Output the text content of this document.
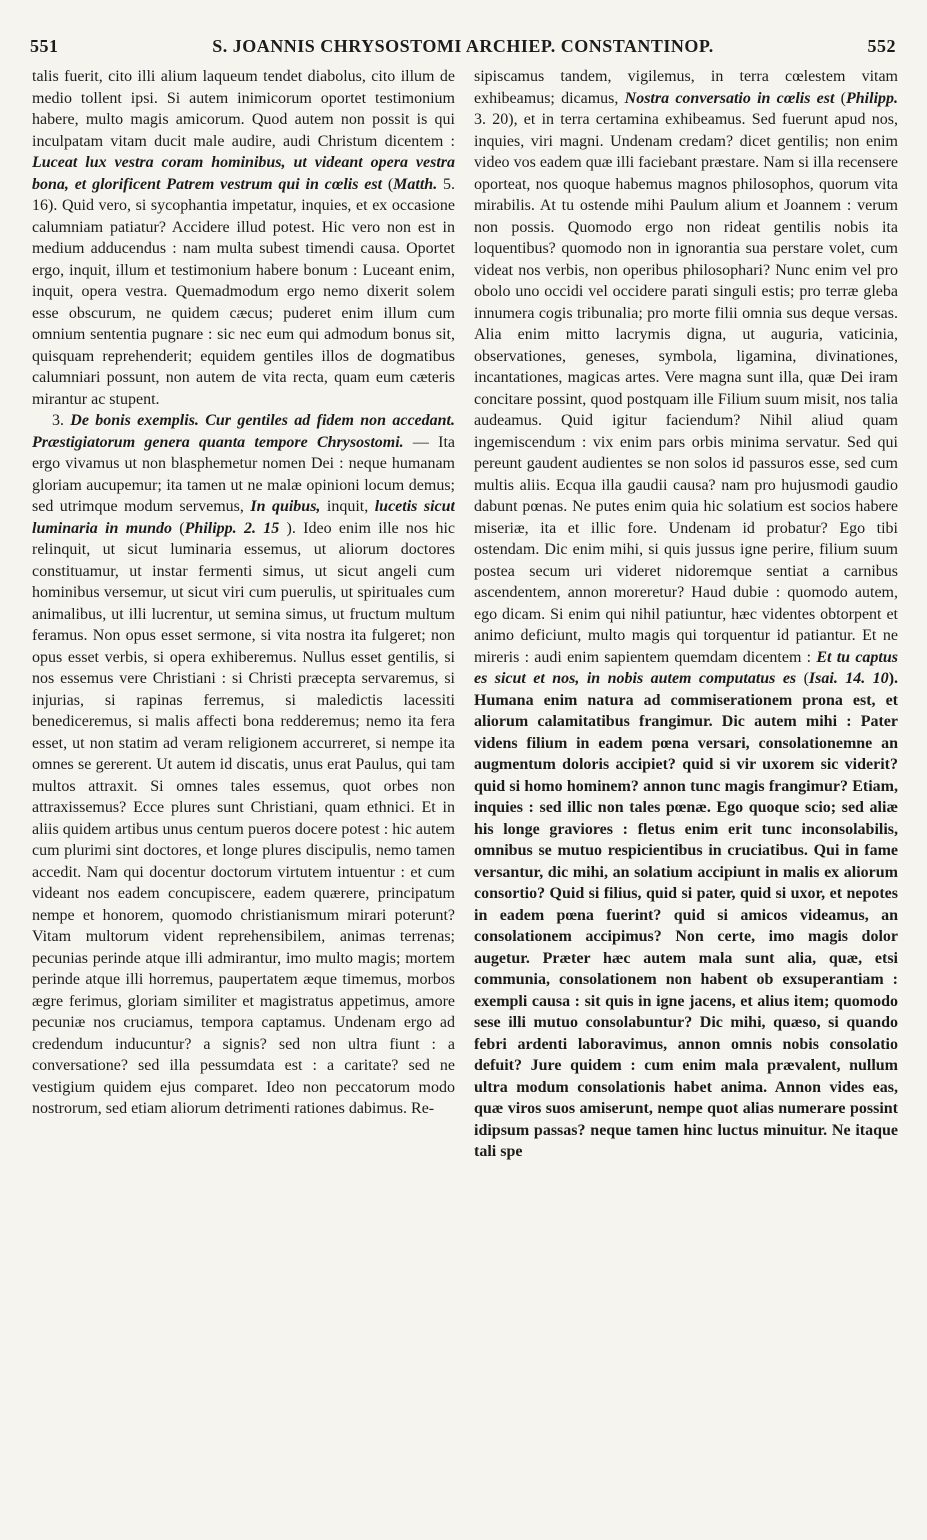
551	S. JOANNIS CHRYSOSTOMI ARCHIEP. CONSTANTINOP.	552

talis fuerit, cito illi alium laqueum tendet diabolus, cito illum de medio tollent ipsi. Si autem inimicorum oportet testimonium habere, multo magis amicorum. Quod autem non possit is qui inculpatam vitam ducit male audire, audi Christum dicentem : Luceat lux vestra coram hominibus, ut videant opera vestra bona, et glorificent Patrem vestrum qui in cœlis est (Matth. 5. 16). Quid vero, si sycophantia impetatur, inquies, et ex occasione calumniam patiatur? Accidere illud potest. Hic vero non est in medium adducendus : nam multa subest timendi causa. Oportet ergo, inquit, illum et testimonium habere bonum : Luceant enim, inquit, opera vestra. Quemadmodum ergo nemo dixerit solem esse obscurum, ne quidem cæcus; puderet enim illum cum omnium sententia pugnare : sic nec eum qui admodum bonus sit, quisquam reprehenderit; equidem gentiles illos de dogmatibus calumniari possunt, non autem de vita recta, quam eum cæteris mirantur ac stupent.

3. De bonis exemplis. Cur gentiles ad fidem non accedant. Præstigiatorum genera quanta tempore Chrysostomi. — Ita ergo vivamus ut non blasphemetur nomen Dei : neque humanam gloriam aucupemur; ita tamen ut ne malæ opinioni locum demus; sed utrimque modum servemus, In quibus, inquit, lucetis sicut luminaria in mundo (Philipp. 2. 15 ). Ideo enim ille nos hic relinquit, ut sicut luminaria essemus, ut aliorum doctores constituamur, ut instar fermenti simus, ut sicut angeli cum hominibus versemur, ut sicut viri cum puerulis, ut spirituales cum animalibus, ut illi lucrentur, ut semina simus, ut fructum multum feramus. Non opus esset sermone, si vita nostra ita fulgeret; non opus esset verbis, si opera exhiberemus. Nullus esset gentilis, si nos essemus vere Christiani : si Christi præcepta servaremus, si injurias, si rapinas ferremus, si maledictis lacessiti benediceremus, si malis affecti bona redderemus; nemo ita fera esset, ut non statim ad veram religionem accurreret, si nempe ita omnes se gererent. Ut autem id discatis, unus erat Paulus, qui tam multos attraxit. Si omnes tales essemus, quot orbes non attraxissemus? Ecce plures sunt Christiani, quam ethnici. Et in aliis quidem artibus unus centum pueros docere potest : hic autem cum plurimi sint doctores, et longe plures discipulis, nemo tamen accedit. Nam qui docentur doctorum virtutem intuentur : et cum videant nos eadem concupiscere, eadem quærere, principatum nempe et honorem, quomodo christianismum mirari poterunt? Vitam multorum vident reprehensibilem, animas terrenas; pecunias perinde atque illi admirantur, imo multo magis; mortem perinde atque illi horremus, paupertatem æque timemus, morbos ægre ferimus, gloriam similiter et magistratus appetimus, amore pecuniæ nos cruciamus, tempora captamus. Undenam ergo ad credendum inducuntur? a signis? sed non ultra fiunt : a conversatione? sed illa pessumdata est : a caritate? sed ne vestigium quidem ejus comparet. Ideo non peccatorum modo nostrorum, sed etiam aliorum detrimenti rationes dabimus. Re-

sipiscamus tandem, vigilemus, in terra cœlestem vitam exhibeamus; dicamus, Nostra conversatio in cœlis est (Philipp. 3. 20), et in terra certamina exhibeamus. Sed fuerunt apud nos, inquies, viri magni. Undenam credam? dicet gentilis; non enim video vos eadem quæ illi faciebant præstare. Nam si illa recensere oporteat, nos quoque habemus magnos philosophos, quorum vita mirabilis. At tu ostende mihi Paulum alium et Joannem : verum non possis. Quomodo ergo non rideat gentilis nobis ita loquentibus? quomodo non in ignorantia sua perstare volet, cum videat nos verbis, non operibus philosophari? Nunc enim vel pro obolo uno occidi vel occidere parati singuli estis; pro terræ gleba innumera cogis tribunalia; pro morte filii omnia sus deque versas. Alia enim mitto lacrymis digna, ut auguria, vaticinia, observationes, geneses, symbola, ligamina, divinationes, incantationes, magicas artes. Vere magna sunt illa, quæ Dei iram concitare possint, quod postquam ille Filium suum misit, nos talia audeamus. Quid igitur faciendum? Nihil aliud quam ingemiscendum : vix enim pars orbis minima servatur. Sed qui pereunt gaudent audientes se non solos id passuros esse, sed cum multis aliis. Ecqua illa gaudii causa? nam pro hujusmodi gaudio dabunt pœnas. Ne putes enim quia hic solatium est socios habere miseriæ, ita et illic fore. Undenam id probatur? Ego tibi ostendam. Dic enim mihi, si quis jussus igne perire, filium suum postea secum uri videret nidoremque sentiat a carnibus ascendentem, annon moreretur? Haud dubie : quomodo autem, ego dicam. Si enim qui nihil patiuntur, hæc videntes obtorpent et animo deficiunt, multo magis qui torquentur id patiantur. Et ne mireris : audi enim sapientem quemdam dicentem : Et tu captus es sicut et nos, in nobis autem computatus es (Isai. 14. 10). Humana enim natura ad commiserationem prona est, et aliorum calamitatibus frangimur. Dic autem mihi : Pater videns filium in eadem pœna versari, consolationemne an augmentum doloris accipiet? quid si vir uxorem sic viderit? quid si homo hominem? annon tunc magis frangimur? Etiam, inquies : sed illic non tales pœnæ. Ego quoque scio; sed aliæ his longe graviores : fletus enim erit tunc inconsolabilis, omnibus se mutuo respicientibus in cruciatibus. Qui in fame versantur, dic mihi, an solatium accipiunt in malis ex aliorum consortio? Quid si filius, quid si pater, quid si uxor, et nepotes in eadem pœna fuerint? quid si amicos videamus, an consolationem accipimus? Non certe, imo magis dolor augetur. Præter hæc autem mala sunt alia, quæ, etsi communia, consolationem non habent ob exsuperantiam : exempli causa : sit quis in igne jacens, et alius item; quomodo sese illi mutuo consolabuntur? Dic mihi, quæso, si quando febri ardenti laboravimus, annon omnis nobis consolatio defuit? Jure quidem : cum enim mala prævalent, nullum ultra modum consolationis habet anima. Annon vides eas, quæ viros suos amiserunt, nempe quot alias numerare possint idipsum passas? neque tamen hinc luctus minuitur. Ne itaque tali spe
